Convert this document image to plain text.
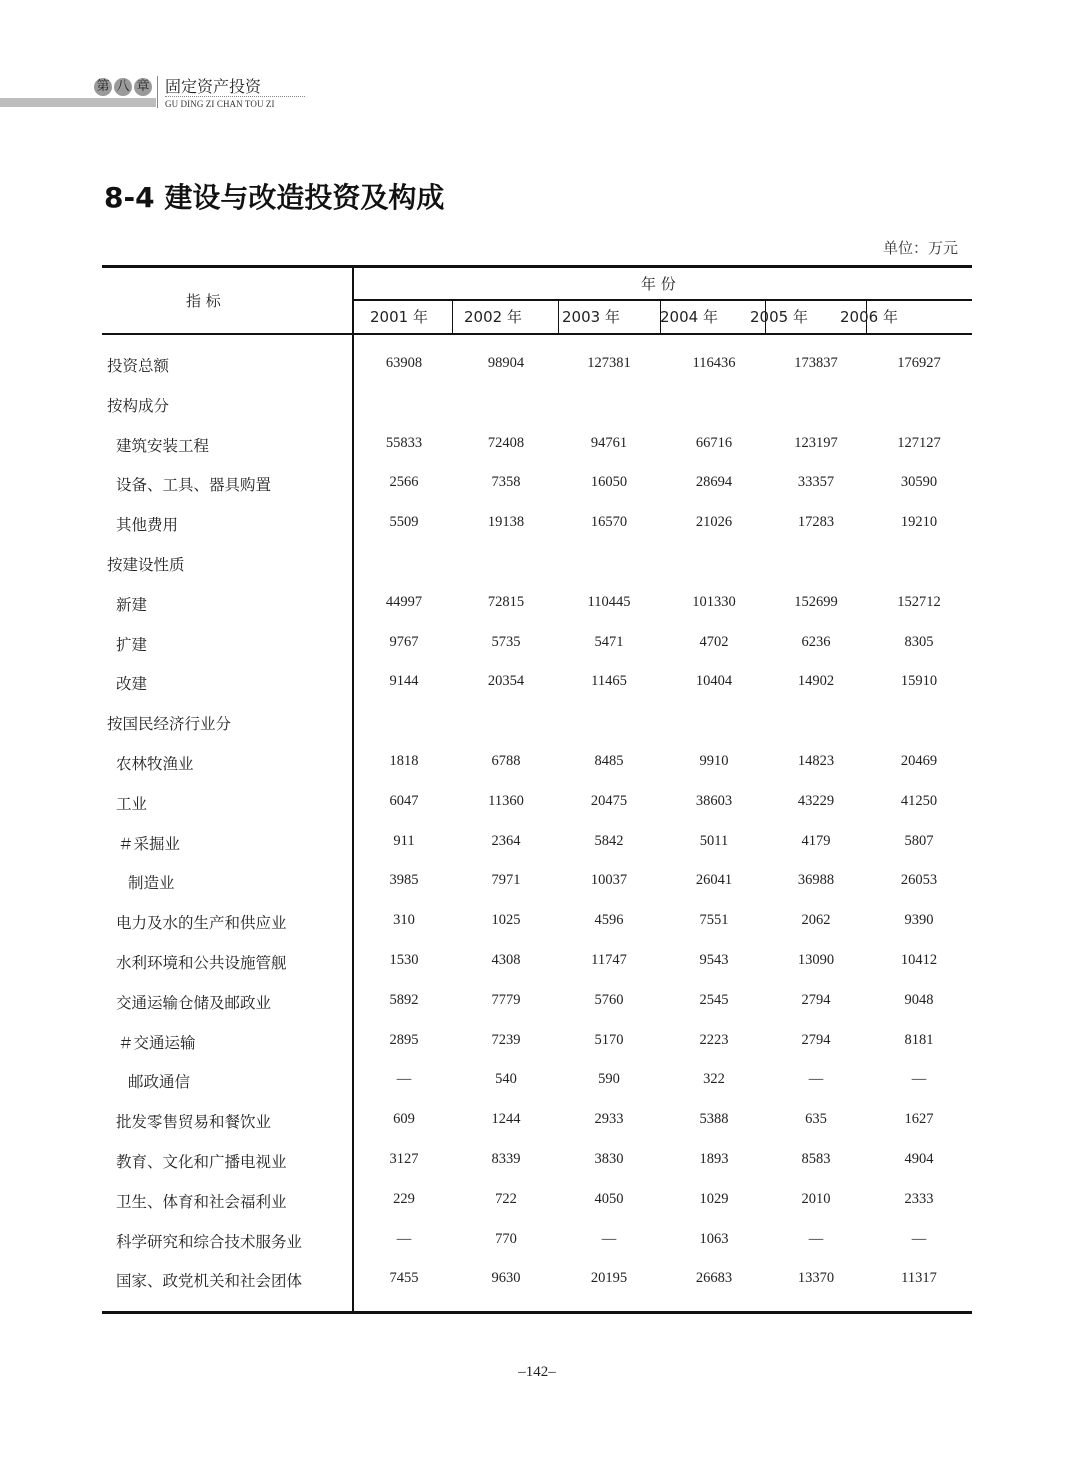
第 八 章 固定资产投资
GU DING ZI CHAN TOU ZI
8-4 建设与改造投资及构成
单位：万元
指 标
年 份
–142–
2001 年 2002 年	2003 年	2004 年 2005 年 2006 年
投资总额	63908	98904	127381	116436	173837	176927
按构成分
建筑安装工程	55833	72408	94761	66716	123197	127127
设备、工具、器具购置	2566	7358	16050	28694	33357	30590
其他费用	5509	19138	16570	21026	17283	19210
按建设性质
新建	44997	72815	110445	101330	152699	152712
扩建	9767	5735	5471	4702	6236	8305
改建	9144	20354	11465	10404	14902	15910
按国民经济行业分
农林牧渔业	1818	6788	8485	9910	14823	20469
工业	6047	11360	20475	38603	43229	41250
＃采掘业	911	2364	5842	5011	4179	5807
制造业	3985	7971	10037	26041	36988	26053
电力及水的生产和供应业	310	1025	4596	7551	2062	9390
水利环境和公共设施管舰	1530	4308	11747	9543	13090	10412
交通运输仓储及邮政业	5892	7779	5760	2545	2794	9048
＃交通运输	2895	7239	5170	2223	2794	8181
邮政通信	—	540	590	322	—	—
批发零售贸易和餐饮业	609	1244	2933	5388	635	1627
教育、文化和广播电视业	3127	8339	3830	1893	8583	4904
卫生、体育和社会福利业	229	722	4050	1029	2010	2333
科学研究和综合技术服务业	—	770	—	1063	—	—
国家、政党机关和社会团体	7455	9630	20195	26683	13370	11317
